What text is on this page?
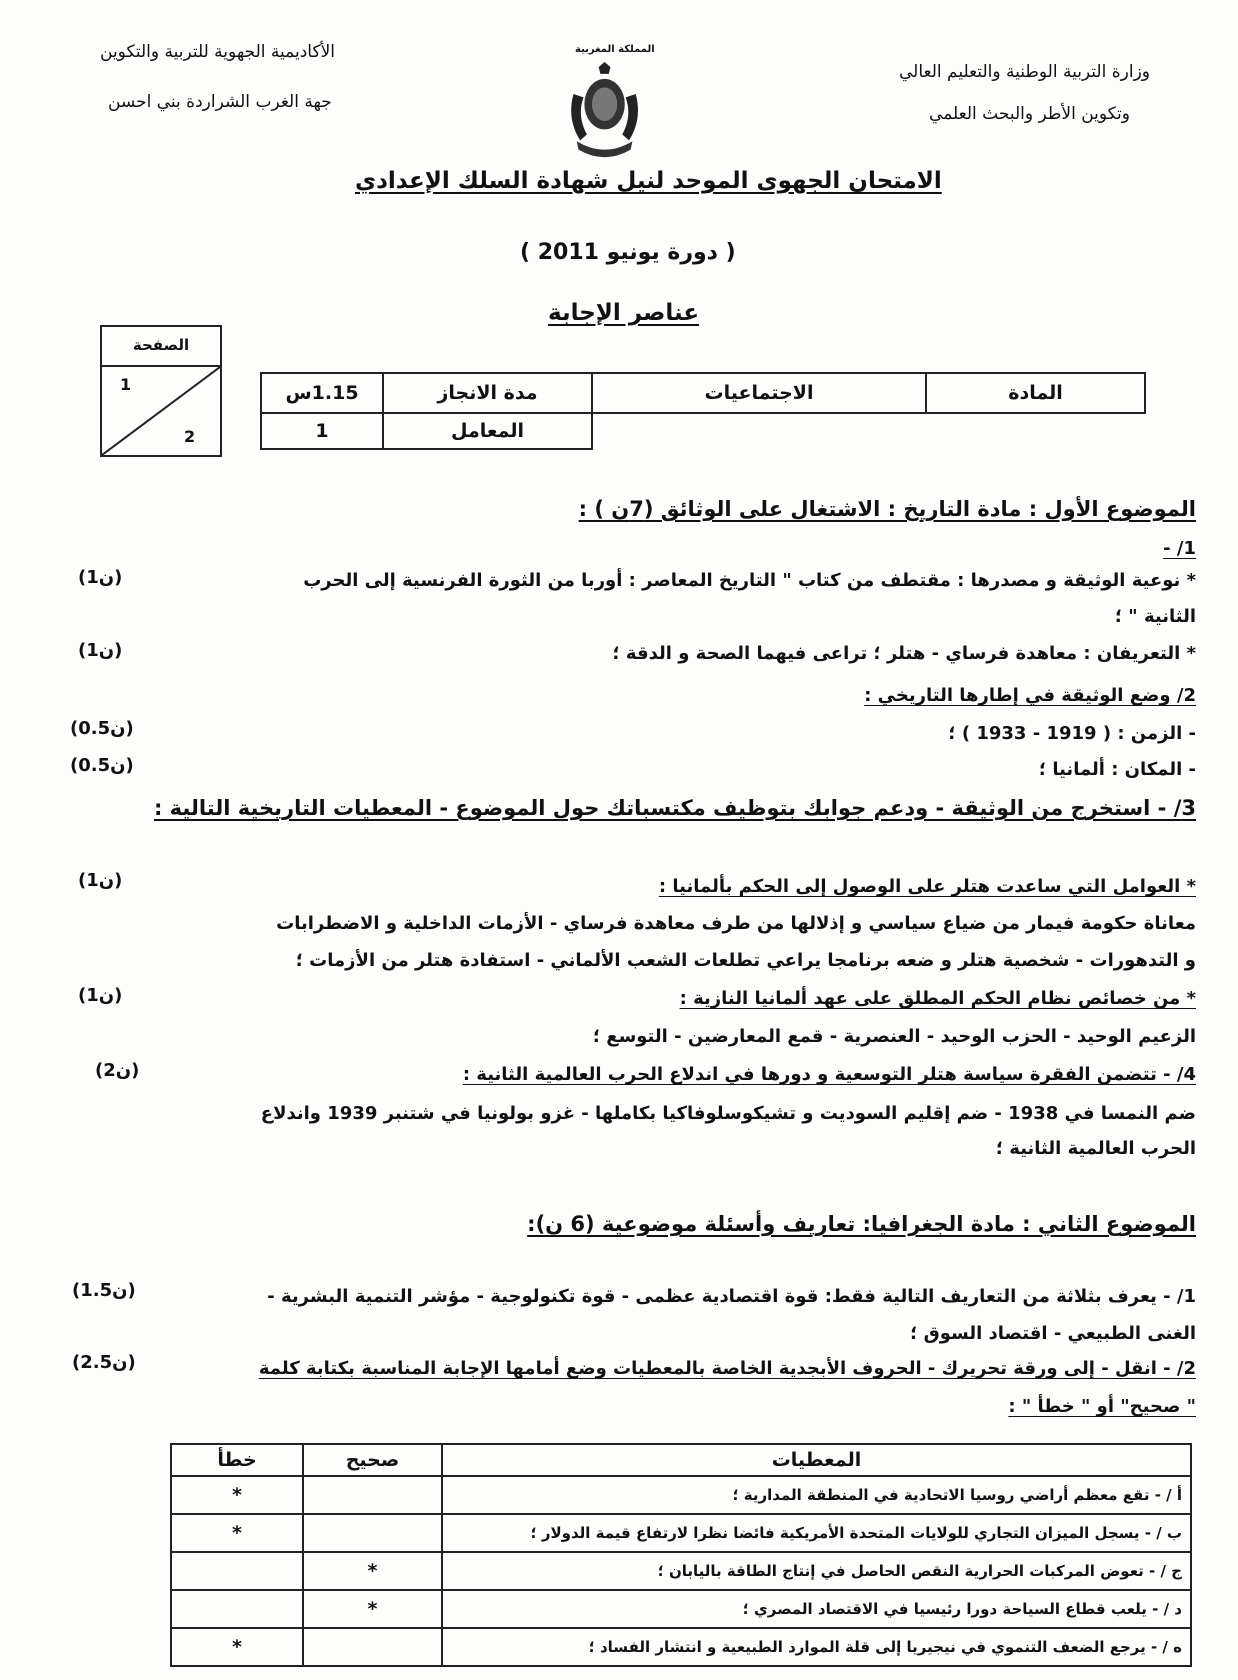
وزارة التربية الوطنية والتعليم العالي
وتكوين الأطر والبحث العلمي
الأكاديمية الجهوية للتربية والتكوين
جهة الغرب الشراردة بني احسن
المملكة المغربية
الامتحان الجهوى الموحد لنيل شهادة السلك الإعدادي
( دورة يونيو 2011 )
عناصر الإجابة
الصفحة
1
2
1.15س	مدة الانجاز	الاجتماعيات	المادة
1	المعامل		
الموضوع الأول : مادة التاريخ : الاشتغال على الوثائق (7ن ) :
1/ -
* نوعية الوثيقة و مصدرها : مقتطف من كتاب " التاريخ المعاصر : أوربا من الثورة الفرنسية إلى الحرب
الثانية " ؛
* التعريفان : معاهدة فرساي - هتلر ؛ تراعى فيهما الصحة و الدقة ؛
2/ وضع الوثيقة في إطارها التاريخي :
- الزمن : ( 1919 - 1933 ) ؛
- المكان : ألمانيا ؛
3/ - استخرج من الوثيقة - ودعم جوابك بتوظيف مكتسباتك حول الموضوع - المعطيات التاريخية التالية :
* العوامل التي ساعدت هتلر على الوصول إلى الحكم بألمانيا :
معاناة حكومة فيمار من ضياع سياسي و إذلالها من طرف معاهدة فرساي - الأزمات الداخلية و الاضطرابات
و التدهورات - شخصية هتلر و ضعه برنامجا يراعي تطلعات الشعب الألماني - استفادة هتلر من الأزمات ؛
* من خصائص نظام الحكم المطلق على عهد ألمانيا النازية :
الزعيم الوحيد - الحزب الوحيد - العنصرية - قمع المعارضين - التوسع ؛
4/ - تتضمن الفقرة سياسة هتلر التوسعية و دورها في اندلاع الحرب العالمية الثانية :
ضم النمسا في 1938 - ضم إقليم السوديت و تشيكوسلوفاكيا بكاملها - غزو بولونيا في شتنبر 1939 واندلاع
الحرب العالمية الثانية ؛
الموضوع الثاني : مادة الجغرافيا: تعاريف وأسئلة موضوعية (6 ن):
1/ - يعرف بثلاثة من التعاريف التالية فقط: قوة اقتصادية عظمى - قوة تكنولوجية - مؤشر التنمية البشرية -
الغنى الطبيعي - اقتصاد السوق ؛
2/ - انقل - إلى ورقة تحريرك - الحروف الأبجدية الخاصة بالمعطيات وضع أمامها الإجابة المناسبة بكتابة كلمة
" صحيح" أو " خطأ " :
(1ن)
(1ن)
(0.5ن)
(0.5ن)
(1ن)
(1ن)
(2ن)
(1.5ن)
(2.5ن)
خطأ	صحيح	المعطيات
*		أ / - تقع معظم أراضي روسيا الاتحادية في المنطقة المدارية ؛
*		ب / - يسجل الميزان التجاري للولايات المتحدة الأمريكية فائضا نظرا لارتفاع قيمة الدولار ؛
	*	ج / - تعوض المركبات الحرارية النقص الحاصل في إنتاج الطاقة باليابان ؛
	*	د / - يلعب قطاع السياحة دورا رئيسيا في الاقتصاد المصري ؛
*		ه / - يرجع الضعف التنموي في نيجيريا إلى قلة الموارد الطبيعية و انتشار الفساد ؛
